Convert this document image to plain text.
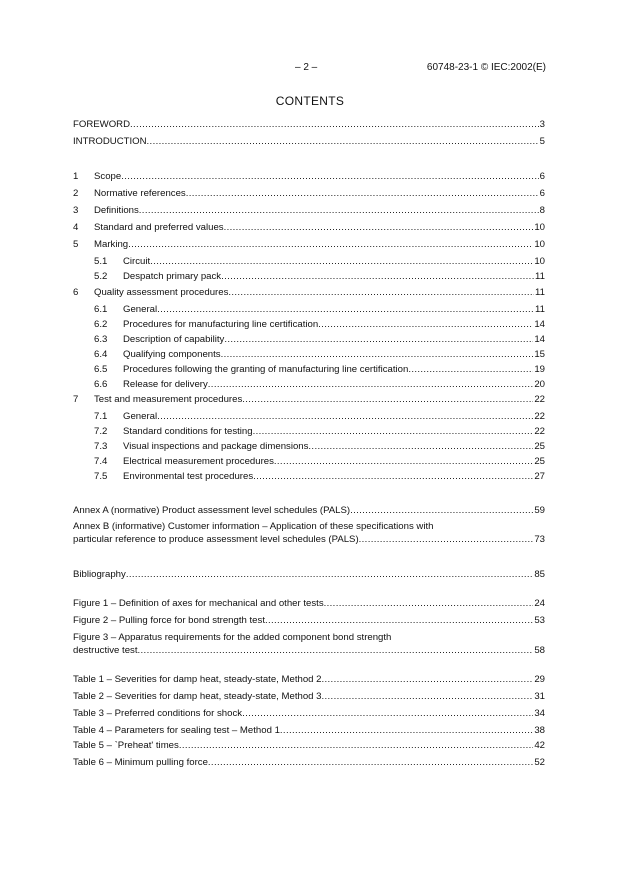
– 2 –	60748-23-1 © IEC:2002(E)
CONTENTS
FOREWORD .....	3
INTRODUCTION .....	5
1	Scope .....	6
2	Normative references .....	6
3	Definitions .....	8
4	Standard and preferred values .....	10
5	Marking .....	10
5.1	Circuit .....	10
5.2	Despatch primary pack .....	11
6	Quality assessment procedures .....	11
6.1	General .....	11
6.2	Procedures for manufacturing line certification .....	14
6.3	Description of capability .....	14
6.4	Qualifying components .....	15
6.5	Procedures following the granting of manufacturing line certification .....	19
6.6	Release for delivery .....	20
7	Test and measurement procedures .....	22
7.1	General .....	22
7.2	Standard conditions for testing .....	22
7.3	Visual inspections and package dimensions .....	25
7.4	Electrical measurement procedures .....	25
7.5	Environmental test procedures .....	27
Annex A (normative) Product assessment level schedules (PALS) .....	59
Annex B (informative) Customer information – Application of these specifications with
particular reference to produce assessment level schedules (PALS) .....	73
Bibliography .....	85
Figure 1 – Definition of axes for mechanical and other tests .....	24
Figure 2 – Pulling force for bond strength test .....	53
Figure 3 – Apparatus requirements for the added component bond strength
destructive test .....	58
Table 1 – Severities for damp heat, steady-state, Method 2 .....	29
Table 2 – Severities for damp heat, steady-state, Method 3 .....	31
Table 3 – Preferred conditions for shock .....	34
Table 4 – Parameters for sealing test – Method 1 .....	38
Table 5 – `Preheat' times .....	42
Table 6 – Minimum pulling force .....	52
